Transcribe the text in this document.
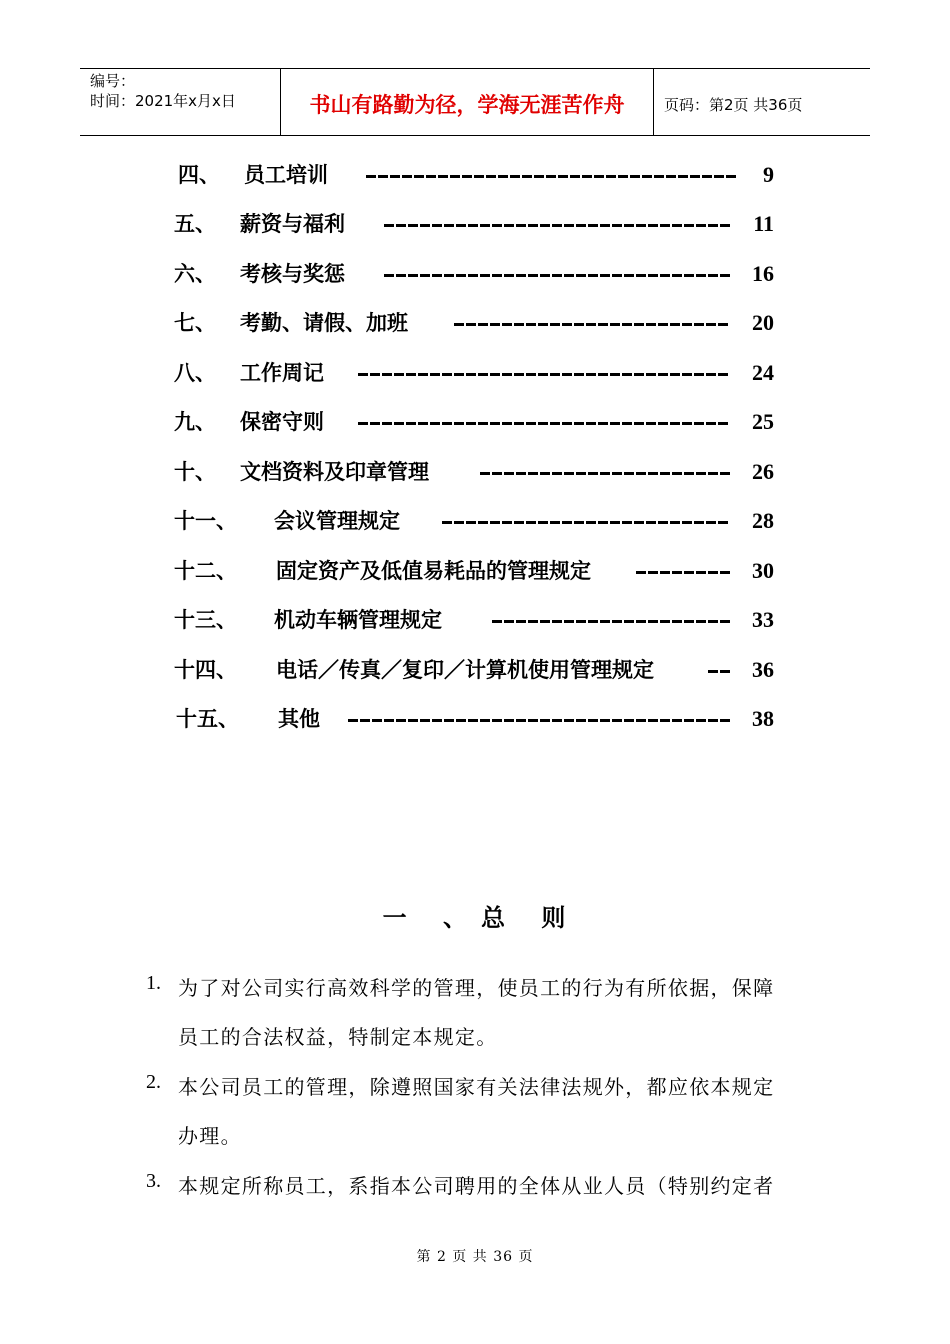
编号：
时间：2021年x月x日	书山有路勤为径，学海无涯苦作舟	页码：第2页 共36页
四、 员工培训	9
五、 薪资与福利	11
六、 考核与奖惩	16
七、 考勤、请假、加班	20
八、 工作周记	24
九、 保密守则	25
十、 文档资料及印章管理	26
十一、 会议管理规定	28
十二、 固定资产及低值易耗品的管理规定	30
十三、 机动车辆管理规定	33
十四、 电话／传真／复印／计算机使用管理规定	36
十五、 其他	38
一 、总 则
1. 为了对公司实行高效科学的管理，使员工的行为有所依据，保障
员工的合法权益，特制定本规定。
2. 本公司员工的管理，除遵照国家有关法律法规外，都应依本规定
办理。
3. 本规定所称员工，系指本公司聘用的全体从业人员（特别约定者
第 2 页 共 36 页
